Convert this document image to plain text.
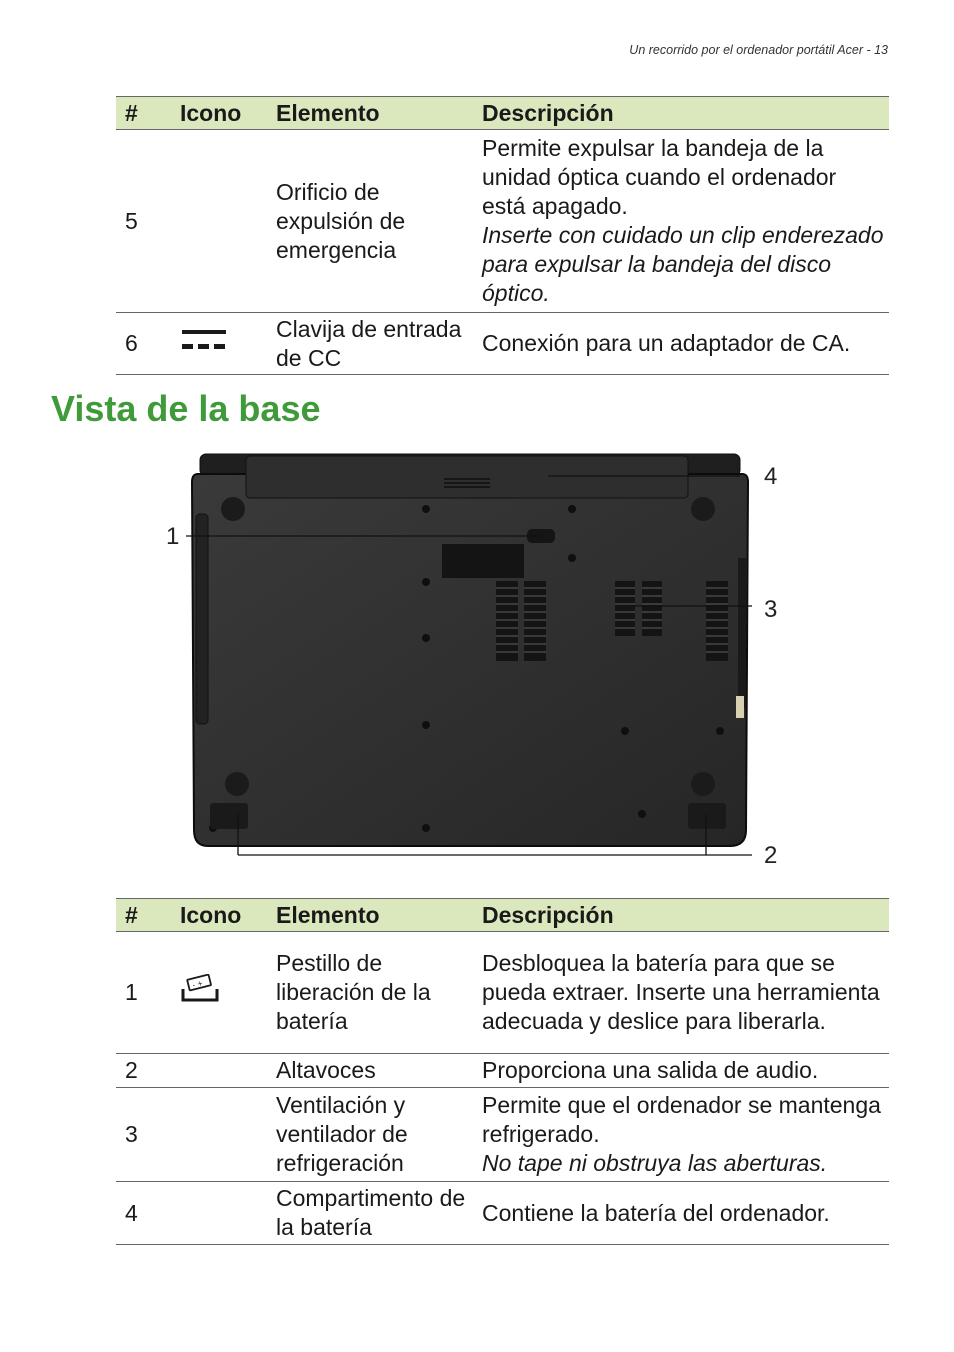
Un recorrido por el ordenador portátil Acer - 13
#	Icono	Elemento	Descripción
5		Orificio de expulsión de emergencia	Permite expulsar la bandeja de la unidad óptica cuando el ordenador está apagado.
Inserte con cuidado un clip enderezado para expulsar la bandeja del disco óptico.

6		Clavija de entrada de CC	Conexión para un adaptador de CA.
Vista de la base
1
2
3
4
#	Icono	Elemento	Descripción
1	- +	Pestillo de liberación de la batería	Desbloquea la batería para que se pueda extraer. Inserte una herramienta adecuada y deslice para liberarla.
2		Altavoces	Proporciona una salida de audio.
3		Ventilación y ventilador de refrigeración	Permite que el ordenador se mantenga refrigerado.
No tape ni obstruya las aberturas.

4		Compartimento de la batería	Contiene la batería del ordenador.
